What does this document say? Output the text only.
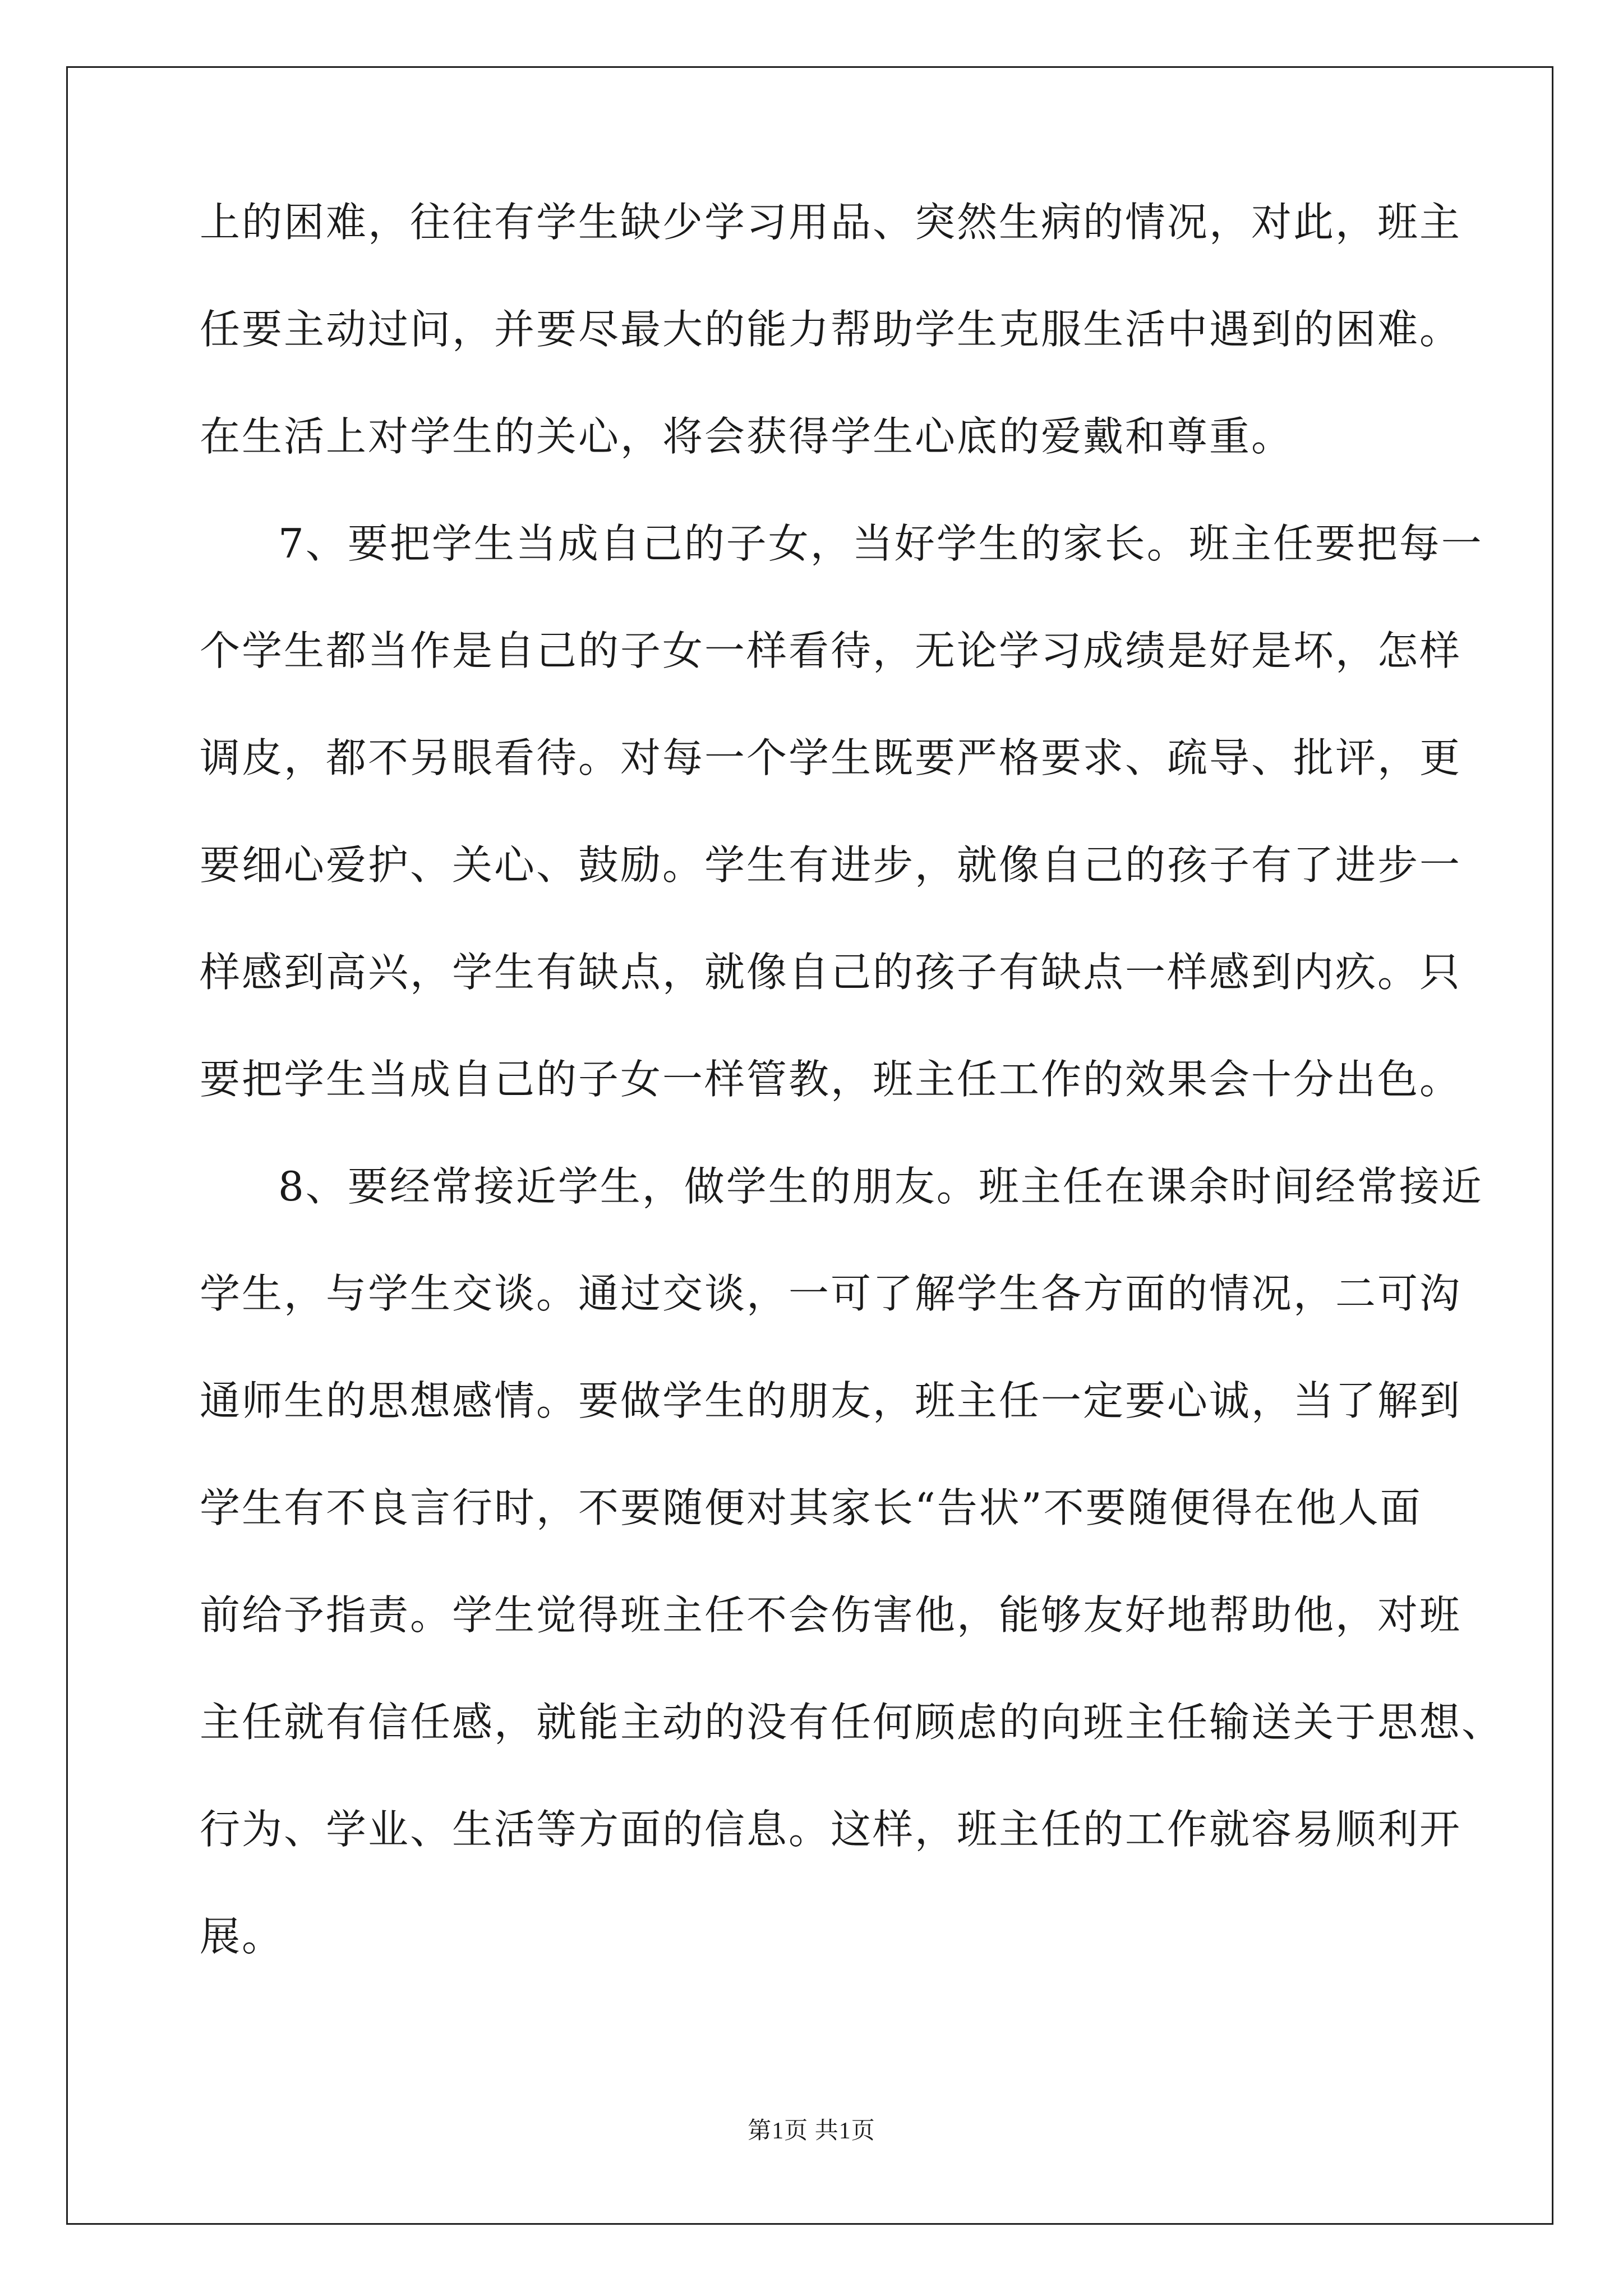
上的困难，往往有学生缺少学习用品、突然生病的情况，对此，班主
任要主动过问，并要尽最大的能力帮助学生克服生活中遇到的困难。
在生活上对学生的关心，将会获得学生心底的爱戴和尊重。
7、要把学生当成自己的子女，当好学生的家长。班主任要把每一
个学生都当作是自己的子女一样看待，无论学习成绩是好是坏，怎样
调皮，都不另眼看待。对每一个学生既要严格要求、疏导、批评，更
要细心爱护、关心、鼓励。学生有进步，就像自己的孩子有了进步一
样感到高兴，学生有缺点，就像自己的孩子有缺点一样感到内疚。只
要把学生当成自己的子女一样管教，班主任工作的效果会十分出色。
8、要经常接近学生，做学生的朋友。班主任在课余时间经常接近
学生，与学生交谈。通过交谈，一可了解学生各方面的情况，二可沟
通师生的思想感情。要做学生的朋友，班主任一定要心诚，当了解到
学生有不良言行时，不要随便对其家长“告状”不要随便得在他人面
前给予指责。学生觉得班主任不会伤害他，能够友好地帮助他，对班
主任就有信任感，就能主动的没有任何顾虑的向班主任输送关于思想、
行为、学业、生活等方面的信息。这样，班主任的工作就容易顺利开
展。
第1页 共1页
